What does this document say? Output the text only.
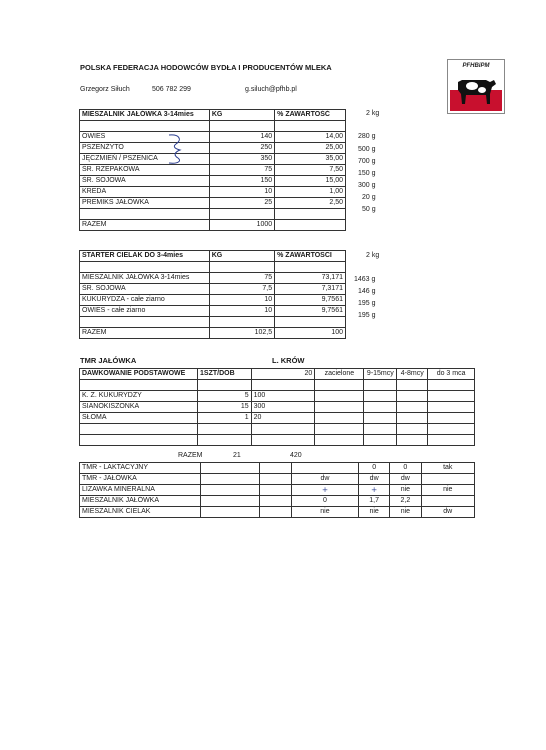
POLSKA FEDERACJA HODOWCÓW BYDŁA I PRODUCENTÓW MLEKA
Grzegorz Siłuch	506 782 299	g.siluch@pfhb.pl
PFHBiPM
MIESZALNIK JAŁÓWKA 3-14mies	KG	% ZAWARTOŚĆ

OWIES	140	14,00
PSZENŻYTO	250	25,00
JĘCZMIEŃ / PSZENICA	350	35,00
ŚR. RZEPAKOWA	75	7,50
ŚR. SOJOWA	150	15,00
KREDA	10	1,00
PREMIKS JAŁÓWKA	25	2,50

RAZEM	1000	
2 kg
280 g
500 g
700 g
150 g
300 g
20 g
50 g
STARTER CIELAK DO 3-4mies	KG	% ZAWARTOSCI

MIESZALNIK JAŁÓWKA 3-14mies	75	73,171
ŚR. SOJOWA	7,5	7,3171
KUKURYDZA - całe ziarno	10	9,7561
OWIES - całe ziarno	10	9,7561

RAZEM	102,5	100
2 kg
1463 g
146 g
195 g
195 g
TMR JAŁÓWKA	L. KRÓW
DAWKOWANIE PODSTAWOWE	1SZT/DOB	20	zacielone	9-15mcy	4-8mcy	do 3 mca

K. Z. KUKURYDZY	5	100				
SIANOKISZONKA	15	300				
SŁOMA	1	20				

RAZEM	21	420
TMR - LAKTACYJNY				0	0	tak
TMR - JAŁÓWKA			dw	dw	dw	
LIZAWKA MINERALNA			+	+	nie	nie
MIESZALNIK JAŁÓWKA			0	1,7	2,2	
MIESZALNIK CIELAK			nie	nie	nie	dw
